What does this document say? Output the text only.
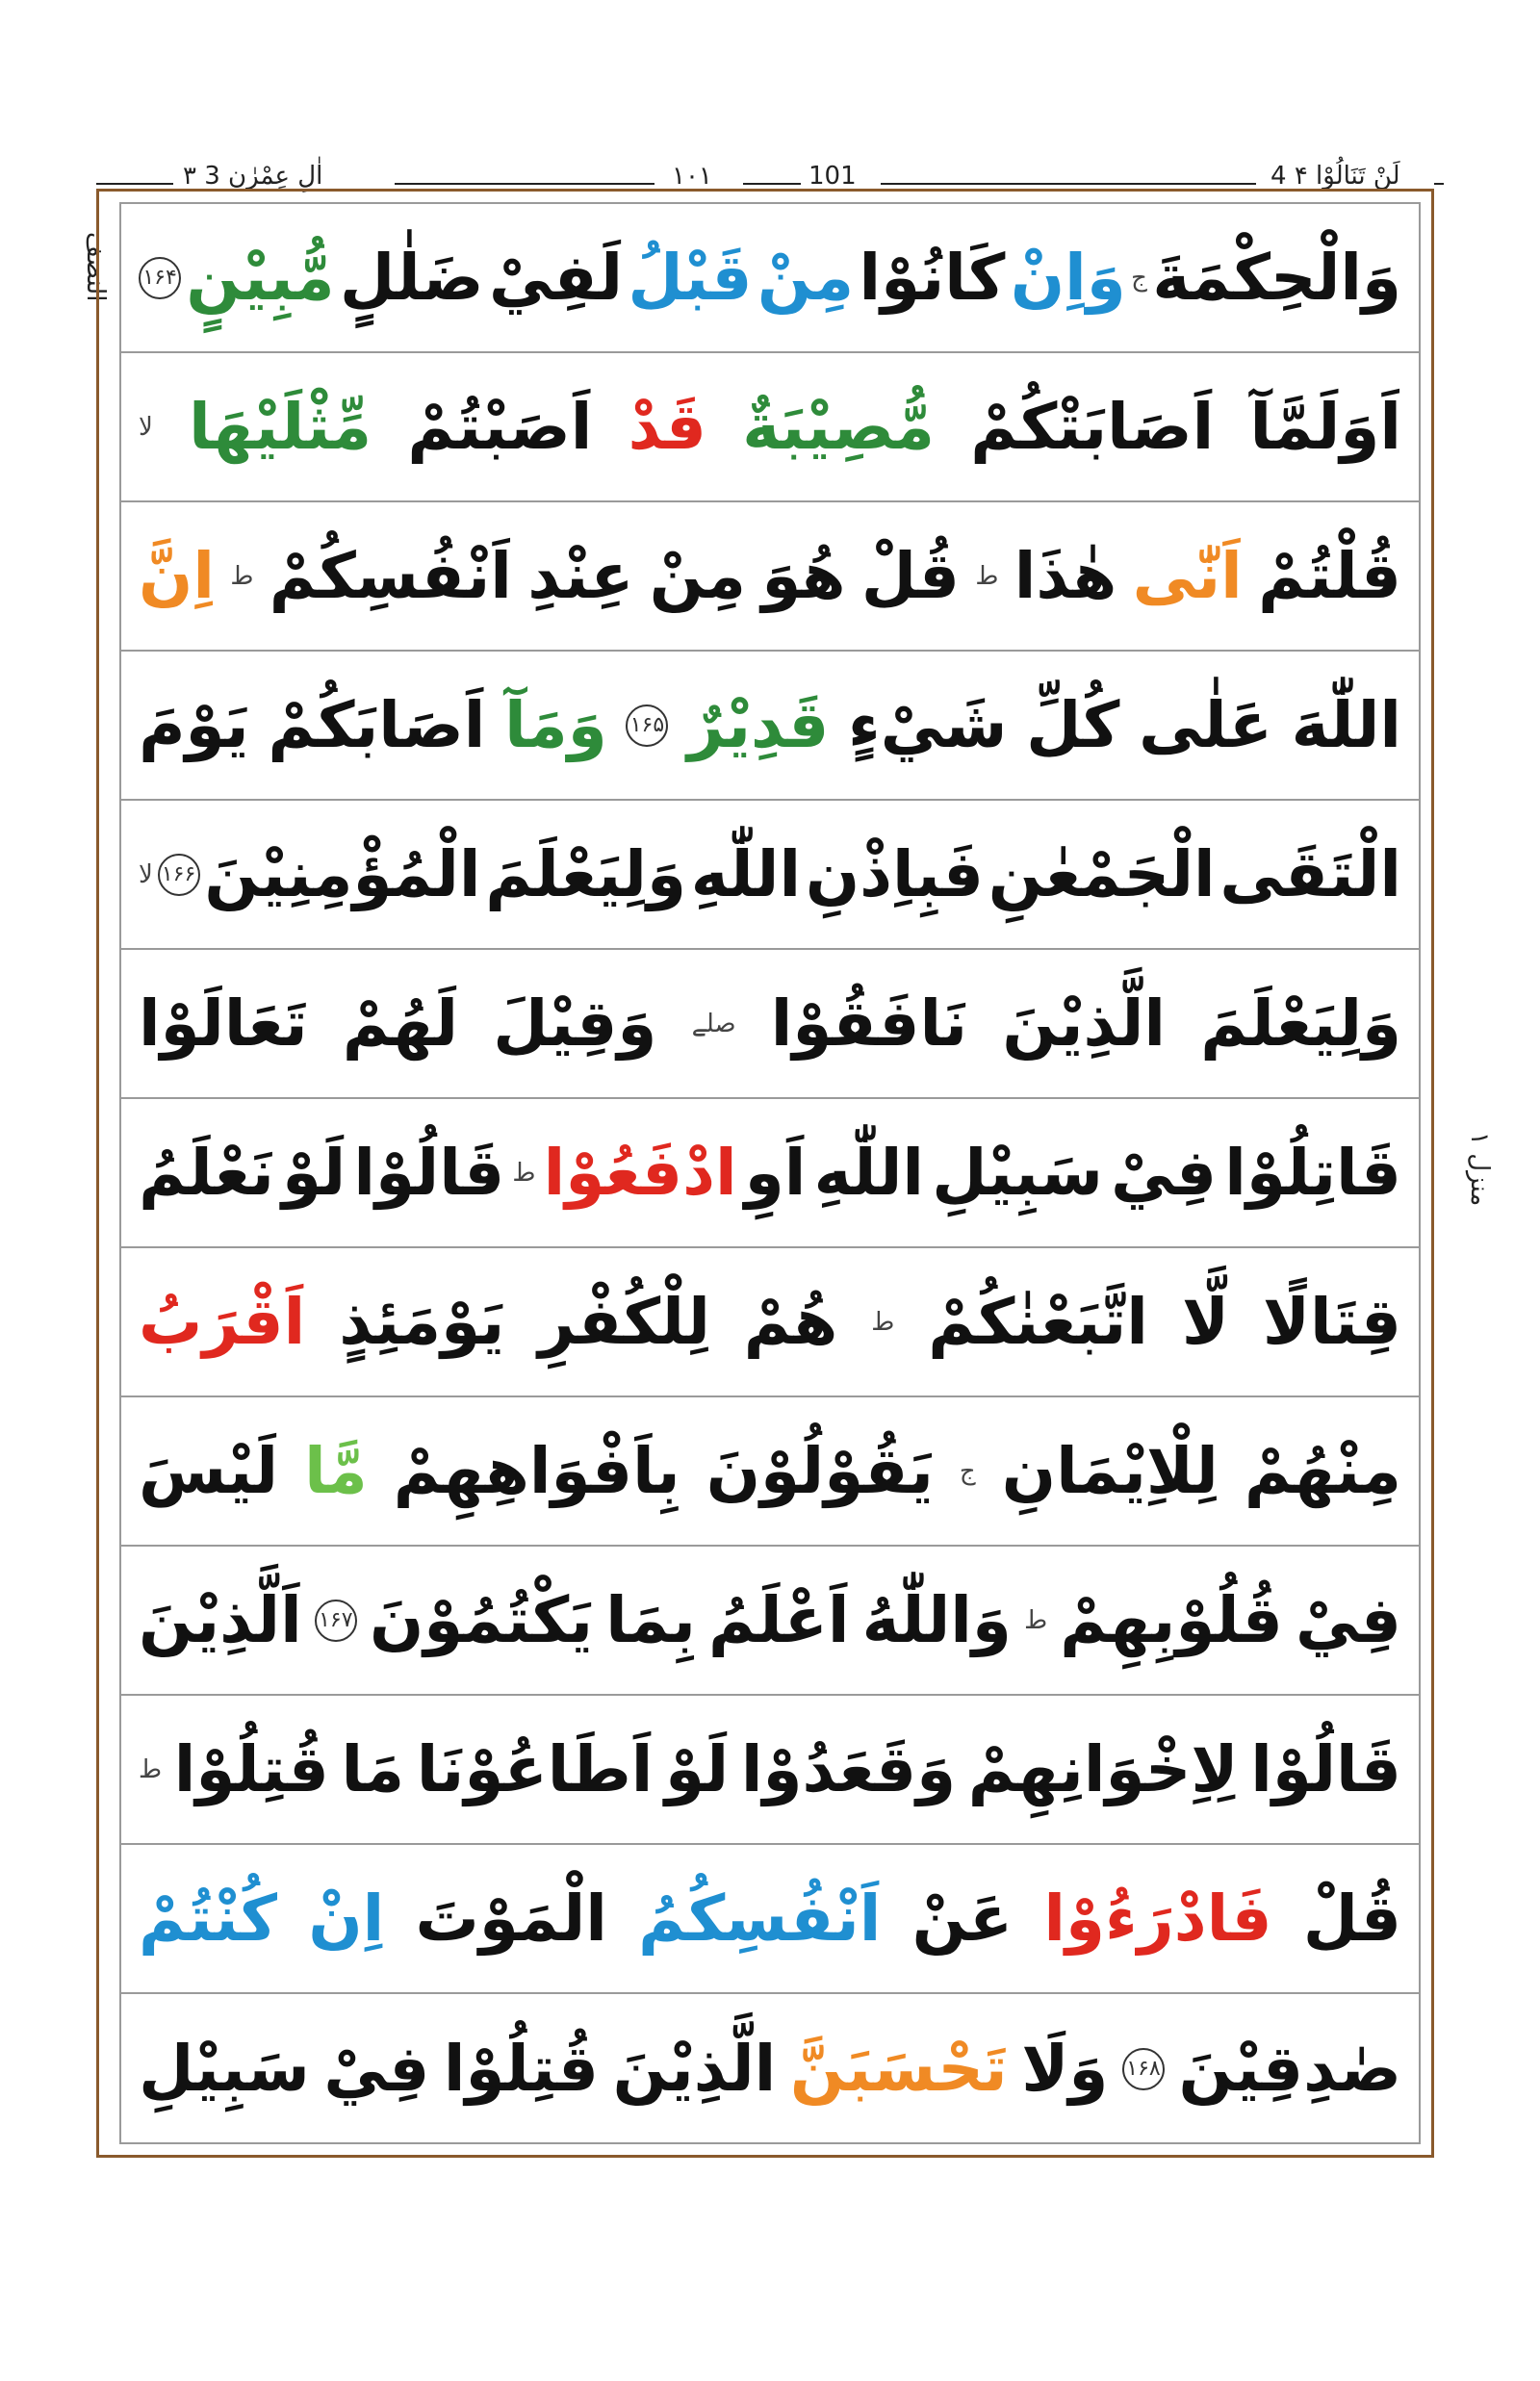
۳ اٰلِ عِمْرٰن 3	۱۰۱	101	لَنْ تَنَالُوْا ۴ 4
النصف
منزل ۱
وَالْحِكْمَةَ
ج
وَاِنْ
كَانُوْا
مِنْ
قَبْلُ
لَفِيْ
ضَلٰلٍ
مُّبِيْنٍ
۱۶۴
اَوَلَمَّآ
اَصَابَتْكُمْ
مُّصِيْبَةٌ
قَدْ
اَصَبْتُمْ
مِّثْلَيْهَا
لا
قُلْتُمْ
اَنّٰى
هٰذَا
ط
قُلْ
هُوَ
مِنْ
عِنْدِ
اَنْفُسِكُمْ
ط
اِنَّ
اللّٰهَ
عَلٰى
كُلِّ
شَيْءٍ
قَدِيْرٌ
۱۶۵
وَمَآ
اَصَابَكُمْ
يَوْمَ
الْتَقَى
الْجَمْعٰنِ
فَبِاِذْنِ
اللّٰهِ
وَلِيَعْلَمَ
الْمُؤْمِنِيْنَ
۱۶۶
لا
وَلِيَعْلَمَ
الَّذِيْنَ
نَافَقُوْا
صلے
وَقِيْلَ
لَهُمْ
تَعَالَوْا
قَاتِلُوْا
فِيْ
سَبِيْلِ
اللّٰهِ
اَوِ
ادْفَعُوْا
ط
قَالُوْا
لَوْ
نَعْلَمُ
قِتَالًا
لَّا
اتَّبَعْنٰكُمْ
ط
هُمْ
لِلْكُفْرِ
يَوْمَئِذٍ
اَقْرَبُ
مِنْهُمْ
لِلْاِيْمَانِ
ج
يَقُوْلُوْنَ
بِاَفْوَاهِهِمْ
مَّا
لَيْسَ
فِيْ
قُلُوْبِهِمْ
ط
وَاللّٰهُ
اَعْلَمُ
بِمَا
يَكْتُمُوْنَ
۱۶۷
اَلَّذِيْنَ
قَالُوْا
لِاِخْوَانِهِمْ
وَقَعَدُوْا
لَوْ
اَطَاعُوْنَا
مَا
قُتِلُوْا
ط
قُلْ
فَادْرَءُوْا
عَنْ
اَنْفُسِكُمُ
الْمَوْتَ
اِنْ
كُنْتُمْ
صٰدِقِيْنَ
۱۶۸
وَلَا
تَحْسَبَنَّ
الَّذِيْنَ
قُتِلُوْا
فِيْ
سَبِيْلِ
